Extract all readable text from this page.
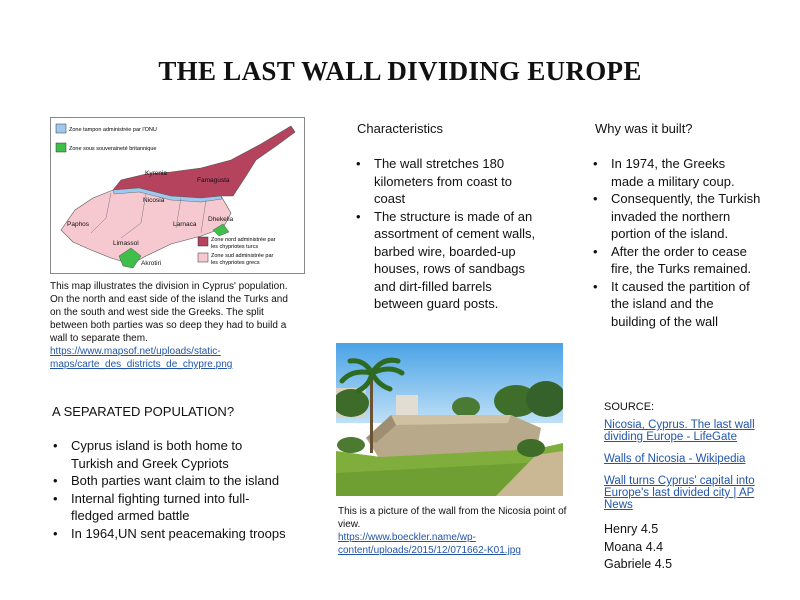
THE LAST WALL DIVIDING EUROPE
Zone tampon administrée par l'ONU
Zone sous souveraineté britannique
Zone nord administrée par
les chypriotes turcs
Zone sud administrée par
les chypriotes grecs
Kyrenia
Famagusta
Nicosia
Paphos	Larnaca
Dhekelia
Limassol
Akrotiri
This map illustrates the division in Cyprus' population. On the north and east side of the island the Turks and on the south and west side the Greeks. The split between both parties was so deep they had to build a wall to separate them.
https://www.mapsof.net/uploads/static-
maps/carte_des_districts_de_chypre.png
Characteristics
• The wall stretches 180 kilometers from coast to coast
• The structure is made of an assortment of cement walls, barbed wire, boarded-up houses, rows of sandbags and dirt-filled barrels between guard posts.
Why was it built?
• In 1974, the Greeks made a military coup.
• Consequently, the Turkish invaded the northern portion of the island.
• After the order to cease fire, the Turks remained.
• It caused the partition of the island and the building of the wall
A SEPARATED POPULATION?
• Cyprus island is both home to Turkish and Greek Cypriots
• Both parties want claim to the island
• Internal fighting turned into full-fledged armed battle
• In 1964,UN sent peacemaking troops
This is a picture of the wall from the Nicosia point of view.
https://www.boeckler.name/wp-
content/uploads/2015/12/071662-K01.jpg
SOURCE:
Nicosia, Cyprus. The last wall dividing Europe - LifeGate
Walls of Nicosia - Wikipedia
Wall turns Cyprus' capital into Europe's last divided city | AP News
Henry 4.5
Moana 4.4
Gabriele 4.5
